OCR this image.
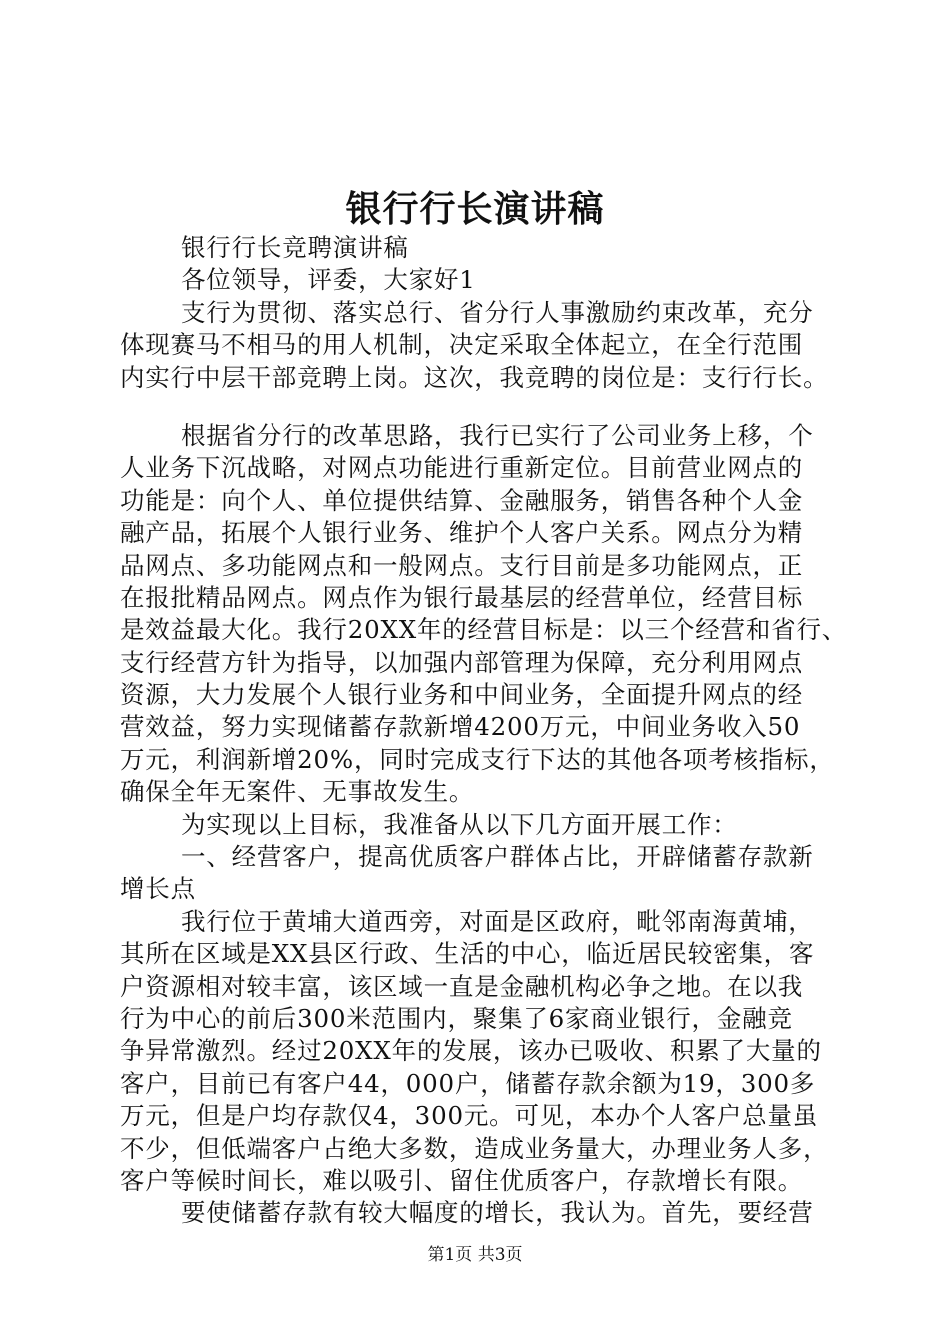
银行行长演讲稿
银行行长竞聘演讲稿
各位领导，评委，大家好1
支行为贯彻、落实总行、省分行人事激励约束改革，充分
体现赛马不相马的用人机制，决定采取全体起立，在全行范围
内实行中层干部竞聘上岗。这次，我竞聘的岗位是：支行行长。
根据省分行的改革思路，我行已实行了公司业务上移，个
人业务下沉战略，对网点功能进行重新定位。目前营业网点的
功能是：向个人、单位提供结算、金融服务，销售各种个人金
融产品，拓展个人银行业务、维护个人客户关系。网点分为精
品网点、多功能网点和一般网点。支行目前是多功能网点，正
在报批精品网点。网点作为银行最基层的经营单位，经营目标
是效益最大化。我行20XX年的经营目标是：以三个经营和省行、
支行经营方针为指导，以加强内部管理为保障，充分利用网点
资源，大力发展个人银行业务和中间业务，全面提升网点的经
营效益，努力实现储蓄存款新增4200万元，中间业务收入50
万元，利润新增20%，同时完成支行下达的其他各项考核指标，
确保全年无案件、无事故发生。
为实现以上目标，我准备从以下几方面开展工作：
一、经营客户，提高优质客户群体占比，开辟储蓄存款新
增长点
我行位于黄埔大道西旁，对面是区政府，毗邻南海黄埔，
其所在区域是XX县区行政、生活的中心，临近居民较密集，客
户资源相对较丰富，该区域一直是金融机构必争之地。在以我
行为中心的前后300米范围内，聚集了6家商业银行，金融竞
争异常激烈。经过20XX年的发展，该办已吸收、积累了大量的
客户，目前已有客户44，000户，储蓄存款余额为19，300多
万元，但是户均存款仅4，300元。可见，本办个人客户总量虽
不少，但低端客户占绝大多数，造成业务量大，办理业务人多，
客户等候时间长，难以吸引、留住优质客户，存款增长有限。
要使储蓄存款有较大幅度的增长，我认为。首先，要经营
第1页 共3页
